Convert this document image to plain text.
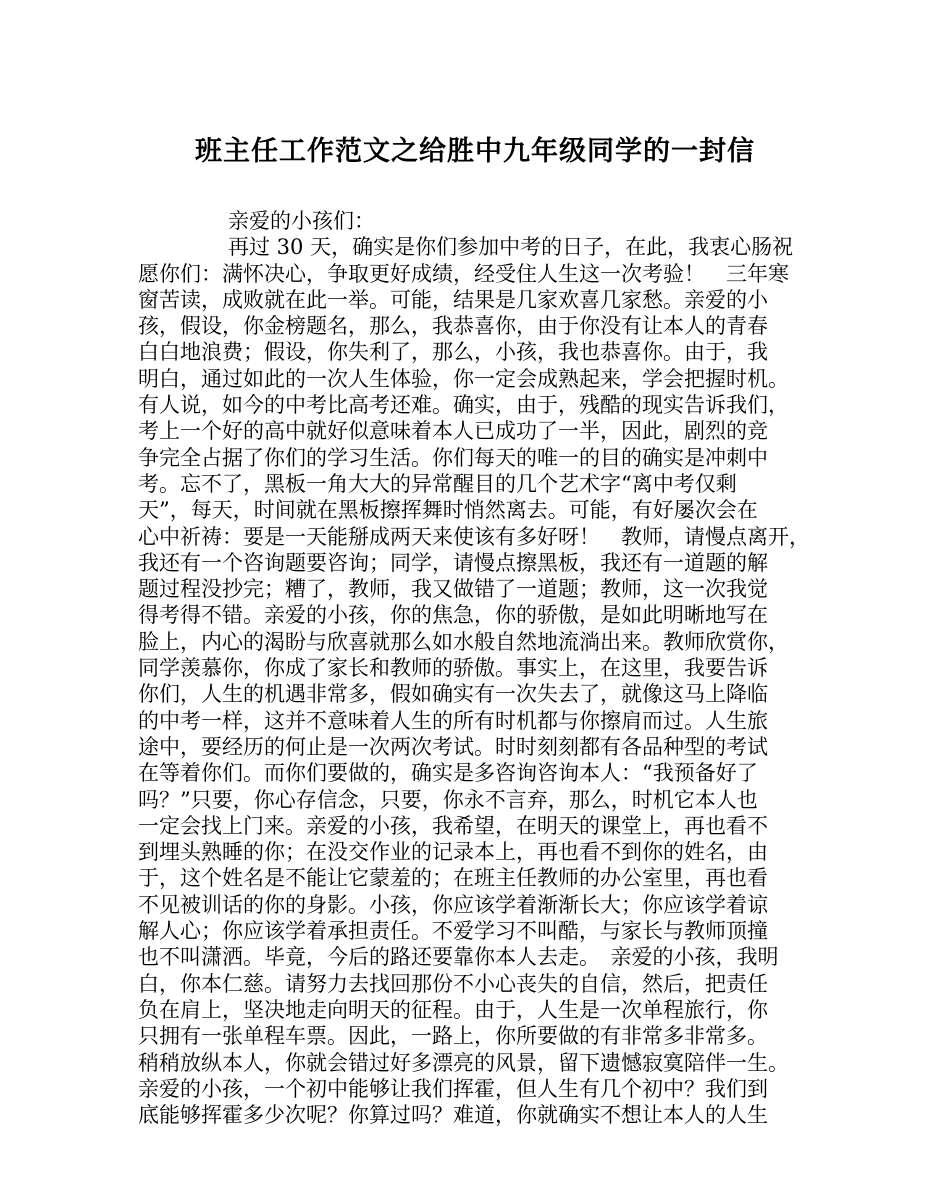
班主任工作范文之给胜中九年级同学的一封信
亲爱的小孩们：
再过 30 天，确实是你们参加中考的日子，在此，我衷心肠祝
愿你们：满怀决心，争取更好成绩，经受住人生这一次考验！　三年寒
窗苦读，成败就在此一举。可能，结果是几家欢喜几家愁。亲爱的小
孩，假设，你金榜题名，那么，我恭喜你，由于你没有让本人的青春
白白地浪费；假设，你失利了，那么，小孩，我也恭喜你。由于，我
明白，通过如此的一次人生体验，你一定会成熟起来，学会把握时机。
有人说，如今的中考比高考还难。确实，由于，残酷的现实告诉我们，
考上一个好的高中就好似意味着本人已成功了一半，因此，剧烈的竞
争完全占据了你们的学习生活。你们每天的唯一的目的确实是冲刺中
考。忘不了，黑板一角大大的异常醒目的几个艺术字“离中考仅剩
天”，每天，时间就在黑板擦挥舞时悄然离去。可能，有好屡次会在
心中祈祷：要是一天能掰成两天来使该有多好呀！　教师，请慢点离开，
我还有一个咨询题要咨询；同学，请慢点擦黑板，我还有一道题的解
题过程没抄完；糟了，教师，我又做错了一道题；教师，这一次我觉
得考得不错。亲爱的小孩，你的焦急，你的骄傲，是如此明晰地写在
脸上，内心的渴盼与欣喜就那么如水般自然地流淌出来。教师欣赏你，
同学羡慕你，你成了家长和教师的骄傲。事实上，在这里，我要告诉
你们，人生的机遇非常多，假如确实有一次失去了，就像这马上降临
的中考一样，这并不意味着人生的所有时机都与你擦肩而过。人生旅
途中，要经历的何止是一次两次考试。时时刻刻都有各品种型的考试
在等着你们。而你们要做的，确实是多咨询咨询本人：“我预备好了
吗？”只要，你心存信念，只要，你永不言弃，那么，时机它本人也
一定会找上门来。亲爱的小孩，我希望，在明天的课堂上，再也看不
到埋头熟睡的你；在没交作业的记录本上，再也看不到你的姓名，由
于，这个姓名是不能让它蒙羞的；在班主任教师的办公室里，再也看
不见被训话的你的身影。小孩，你应该学着渐渐长大；你应该学着谅
解人心；你应该学着承担责任。不爱学习不叫酷，与家长与教师顶撞
也不叫潇洒。毕竟，今后的路还要靠你本人去走。　亲爱的小孩，我明
白，你本仁慈。请努力去找回那份不小心丧失的自信，然后，把责任
负在肩上，坚决地走向明天的征程。由于，人生是一次单程旅行，你
只拥有一张单程车票。因此，一路上，你所要做的有非常多非常多。
稍稍放纵本人，你就会错过好多漂亮的风景，留下遗憾寂寞陪伴一生。
亲爱的小孩，一个初中能够让我们挥霍，但人生有几个初中？我们到
底能够挥霍多少次呢？你算过吗？难道，你就确实不想让本人的人生
